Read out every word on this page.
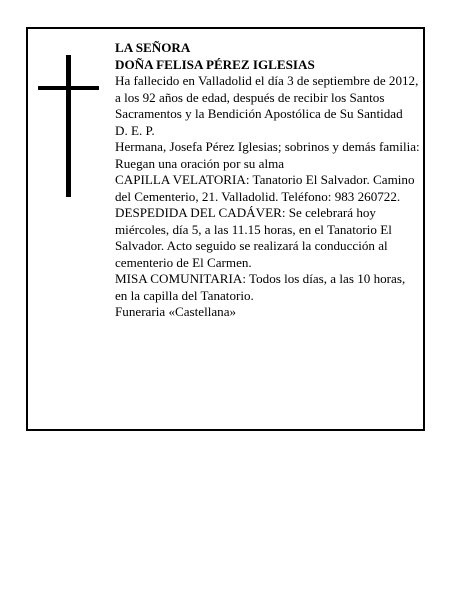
LA SEÑORA

DOÑA FELISA PÉREZ IGLESIAS

Ha fallecido en Valladolid el día 3 de septiembre de 2012, a los 92 años de edad, después de recibir los Santos Sacramentos y la Bendición Apostólica de Su Santidad

D. E. P.

Hermana, Josefa Pérez Iglesias; sobrinos y demás familia:

Ruegan una oración por su alma

CAPILLA VELATORIA: Tanatorio El Salvador. Camino del Cementerio, 21. Valladolid. Teléfono: 983 260722.

DESPEDIDA DEL CADÁVER: Se celebrará hoy miércoles, día 5, a las 11.15 horas, en el Tanatorio El Salvador. Acto seguido se realizará la conducción al cementerio de El Carmen.

MISA COMUNITARIA: Todos los días, a las 10 horas, en la capilla del Tanatorio.

Funeraria «Castellana»
